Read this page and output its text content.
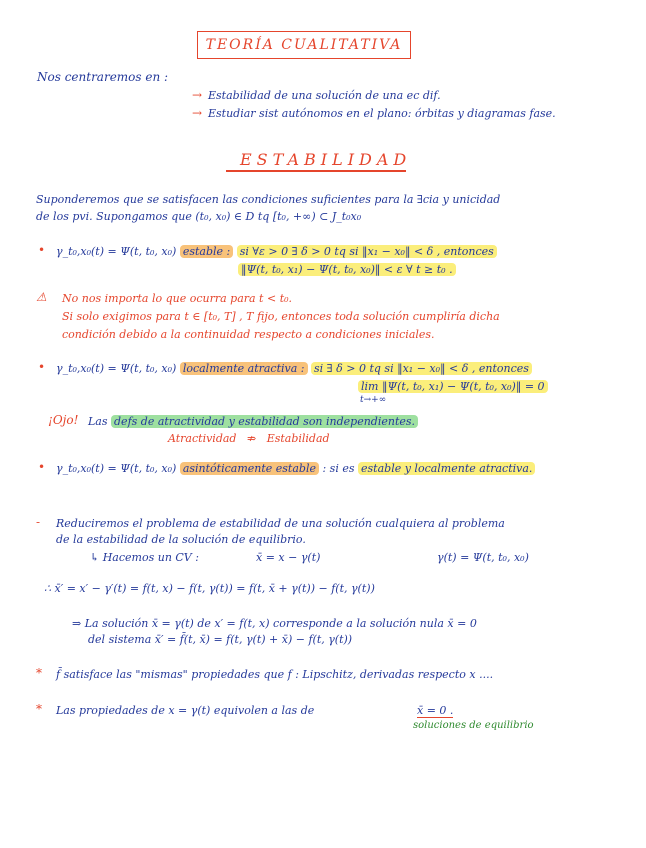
TEORÍA CUALITATIVA
Nos centraremos en :
→ Estabilidad de una solución de una ec dif.
→ Estudiar sist autónomos en el plano: órbitas y diagramas fase.
ESTABILIDAD
Suponderemos que se satisfacen las condiciones suficientes para la ∃cia y unicidad
de los pvi. Supongamos que (t₀, x₀) ∈ D tq [t₀, +∞) ⊂ J_t₀x₀
• γ_t₀,x₀(t) = Ψ(t, t₀, x₀) estable : si ∀ε > 0 ∃ δ > 0 tq si ‖x₁ − x₀‖ < δ , entonces
‖Ψ(t, t₀, x₁) − Ψ(t, t₀, x₀)‖ < ε ∀ t ≥ t₀ .
⚠ No nos importa lo que ocurra para t < t₀.
Si solo exigimos para t ∈ [t₀, T] , T fijo, entonces toda solución cumpliría dicha
condición debido a la continuidad respecto a condiciones iniciales.
• γ_t₀,x₀(t) = Ψ(t, t₀, x₀) localmente atractiva : si ∃ δ > 0 tq si ‖x₁ − x₀‖ < δ , entonces
lim ‖Ψ(t, t₀, x₁) − Ψ(t, t₀, x₀)‖ = 0
t→+∞
¡Ojo! Las defs de atractividad y estabilidad son independientes.
Atractividad ⇏ Estabilidad
• γ_t₀,x₀(t) = Ψ(t, t₀, x₀) asintóticamente estable : si es estable y localmente atractiva.
- Reduciremos el problema de estabilidad de una solución cualquiera al problema
de la estabilidad de la solución de equilibrio.
↳ Hacemos un CV :	x̄ = x − γ(t)	γ(t) = Ψ(t, t₀, x₀)
∴ x̄′ = x′ − γ′(t) = f(t, x) − f(t, γ(t)) = f(t, x̄ + γ(t)) − f(t, γ(t))
⇒ La solución x̄ = γ(t) de x′ = f(t, x) corresponde a la solución nula x̄ = 0
del sistema x̄′ = f̄(t, x̄) = f(t, γ(t) + x̄) − f(t, γ(t))
* f̄ satisface las "mismas" propiedades que f : Lipschitz, derivadas respecto x ....
* Las propiedades de x = γ(t) equivolen a las de	x̄ = 0 .
soluciones de equilibrio
